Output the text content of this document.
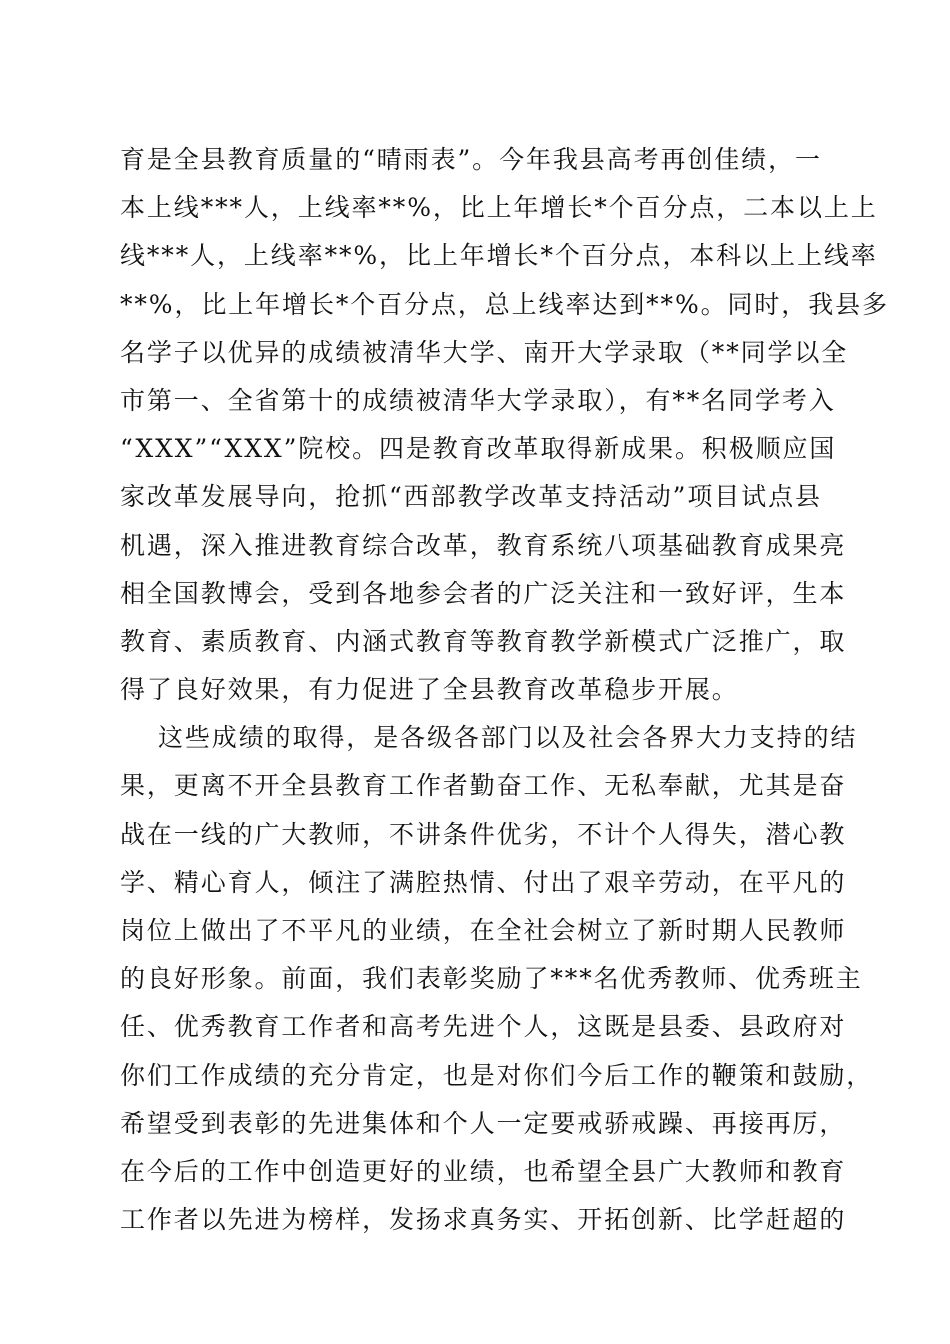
育是全县教育质量的“晴雨表”。今年我县高考再创佳绩，一
本上线***人，上线率**%，比上年增长*个百分点，二本以上上
线***人，上线率**%，比上年增长*个百分点，本科以上上线率
**%，比上年增长*个百分点，总上线率达到**%。同时，我县多
名学子以优异的成绩被清华大学、南开大学录取（**同学以全
市第一、全省第十的成绩被清华大学录取），有**名同学考入
“XXX”“XXX”院校。四是教育改革取得新成果。积极顺应国
家改革发展导向，抢抓“西部教学改革支持活动”项目试点县
机遇，深入推进教育综合改革，教育系统八项基础教育成果亮
相全国教博会，受到各地参会者的广泛关注和一致好评，生本
教育、素质教育、内涵式教育等教育教学新模式广泛推广，取
得了良好效果，有力促进了全县教育改革稳步开展。
这些成绩的取得，是各级各部门以及社会各界大力支持的结
果，更离不开全县教育工作者勤奋工作、无私奉献，尤其是奋
战在一线的广大教师，不讲条件优劣，不计个人得失，潜心教
学、精心育人，倾注了满腔热情、付出了艰辛劳动，在平凡的
岗位上做出了不平凡的业绩，在全社会树立了新时期人民教师
的良好形象。前面，我们表彰奖励了***名优秀教师、优秀班主
任、优秀教育工作者和高考先进个人，这既是县委、县政府对
你们工作成绩的充分肯定，也是对你们今后工作的鞭策和鼓励，
希望受到表彰的先进集体和个人一定要戒骄戒躁、再接再厉，
在今后的工作中创造更好的业绩，也希望全县广大教师和教育
工作者以先进为榜样，发扬求真务实、开拓创新、比学赶超的
